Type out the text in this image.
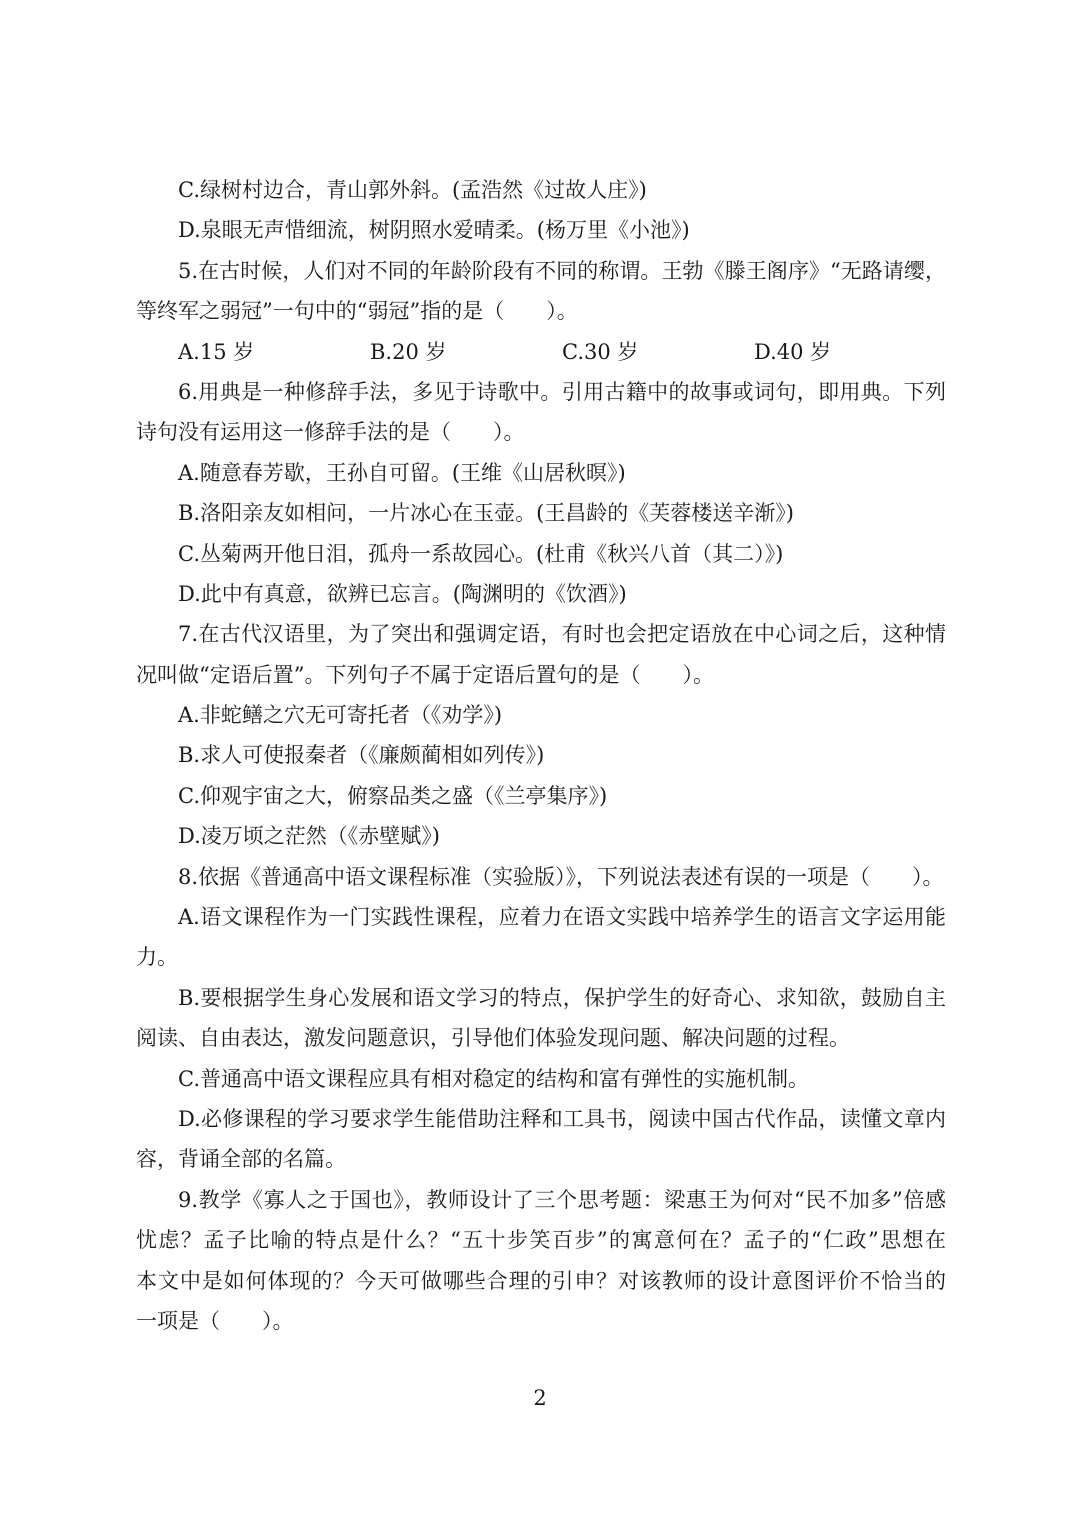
C.绿树村边合，青山郭外斜。(孟浩然《过故人庄》)
D.泉眼无声惜细流，树阴照水爱晴柔。(杨万里《小池》)
5.在古时候，人们对不同的年龄阶段有不同的称谓。王勃《滕王阁序》“无路请缨，
等终军之弱冠”一句中的“弱冠”指的是（　　）。
A.15 岁	B.20 岁	C.30 岁	D.40 岁
6.用典是一种修辞手法，多见于诗歌中。引用古籍中的故事或词句，即用典。下列
诗句没有运用这一修辞手法的是（　　）。
A.随意春芳歇，王孙自可留。(王维《山居秋暝》)
B.洛阳亲友如相问，一片冰心在玉壶。(王昌龄的《芙蓉楼送辛渐》)
C.丛菊两开他日泪，孤舟一系故园心。(杜甫《秋兴八首（其二）》)
D.此中有真意，欲辨已忘言。(陶渊明的《饮酒》)
7.在古代汉语里，为了突出和强调定语，有时也会把定语放在中心词之后，这种情
况叫做“定语后置”。下列句子不属于定语后置句的是（　　）。
A.非蛇鳝之穴无可寄托者（《劝学》)
B.求人可使报秦者（《廉颇蔺相如列传》)
C.仰观宇宙之大，俯察品类之盛（《兰亭集序》)
D.凌万顷之茫然（《赤壁赋》)
8.依据《普通高中语文课程标准（实验版）》，下列说法表述有误的一项是（　　）。
A.语文课程作为一门实践性课程，应着力在语文实践中培养学生的语言文字运用能
力。
B.要根据学生身心发展和语文学习的特点，保护学生的好奇心、求知欲，鼓励自主
阅读、自由表达，激发问题意识，引导他们体验发现问题、解决问题的过程。
C.普通高中语文课程应具有相对稳定的结构和富有弹性的实施机制。
D.必修课程的学习要求学生能借助注释和工具书，阅读中国古代作品，读懂文章内
容，背诵全部的名篇。
9.教学《寡人之于国也》，教师设计了三个思考题：梁惠王为何对“民不加多”倍感
忧虑？孟子比喻的特点是什么？“五十步笑百步”的寓意何在？孟子的“仁政”思想在
本文中是如何体现的？今天可做哪些合理的引申？对该教师的设计意图评价不恰当的
一项是（　　）。
2
